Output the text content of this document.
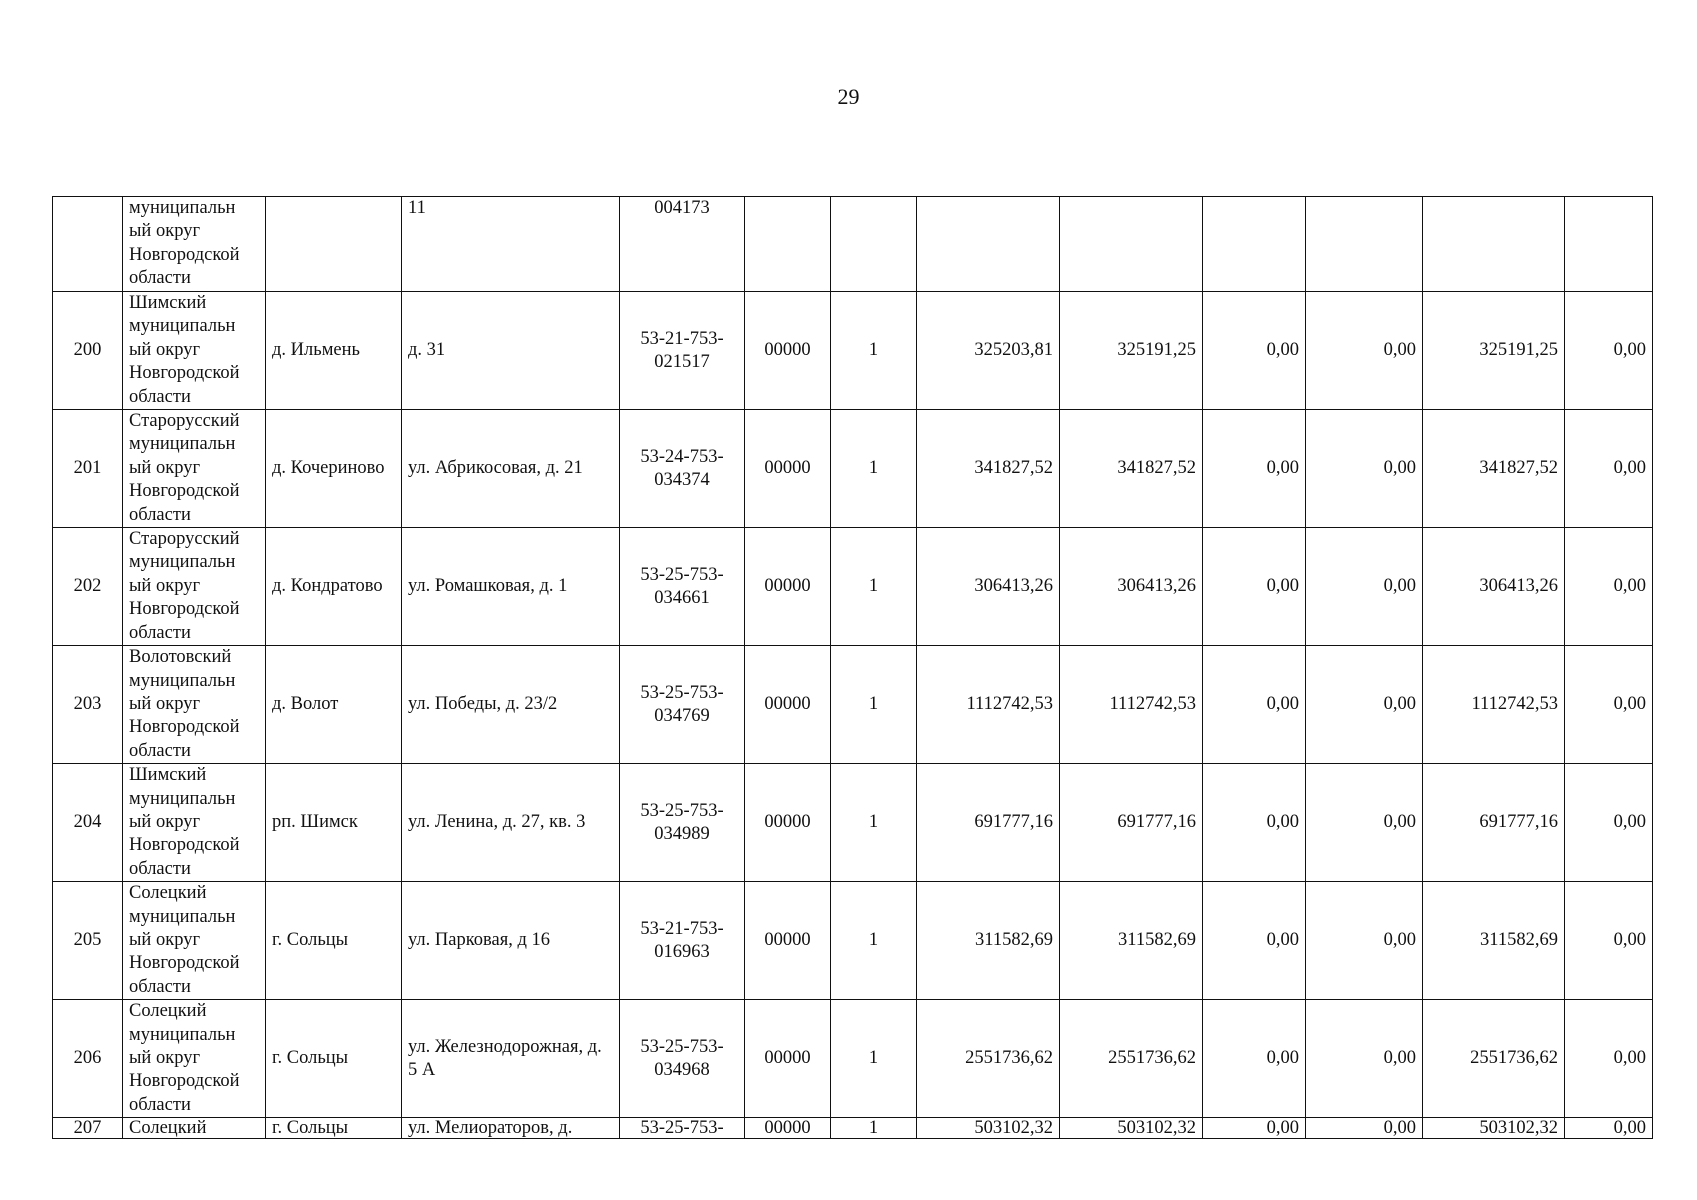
29
	муниципальн ый округ Новгородской области		11	004173								
200	Шимский муниципальн ый округ Новгородской области	д. Ильмень	д. 31	53-21-753-021517	00000	1	325203,81	325191,25	0,00	0,00	325191,25	0,00
201	Старорусский муниципальн ый округ Новгородской области	д. Кочериново	ул. Абрикосовая, д. 21	53-24-753-034374	00000	1	341827,52	341827,52	0,00	0,00	341827,52	0,00
202	Старорусский муниципальн ый округ Новгородской области	д. Кондратово	ул. Ромашковая, д. 1	53-25-753-034661	00000	1	306413,26	306413,26	0,00	0,00	306413,26	0,00
203	Волотовский муниципальн ый округ Новгородской области	д. Волот	ул. Победы, д. 23/2	53-25-753-034769	00000	1	1112742,53	1112742,53	0,00	0,00	1112742,53	0,00
204	Шимский муниципальн ый округ Новгородской области	рп. Шимск	ул. Ленина, д. 27, кв. 3	53-25-753-034989	00000	1	691777,16	691777,16	0,00	0,00	691777,16	0,00
205	Солецкий муниципальн ый округ Новгородской области	г. Сольцы	ул. Парковая, д 16	53-21-753-016963	00000	1	311582,69	311582,69	0,00	0,00	311582,69	0,00
206	Солецкий муниципальн ый округ Новгородской области	г. Сольцы	ул. Железнодорожная, д. 5 А	53-25-753-034968	00000	1	2551736,62	2551736,62	0,00	0,00	2551736,62	0,00
207	Солецкий	г. Сольцы	ул. Мелиораторов, д.	53-25-753-	00000	1	503102,32	503102,32	0,00	0,00	503102,32	0,00
